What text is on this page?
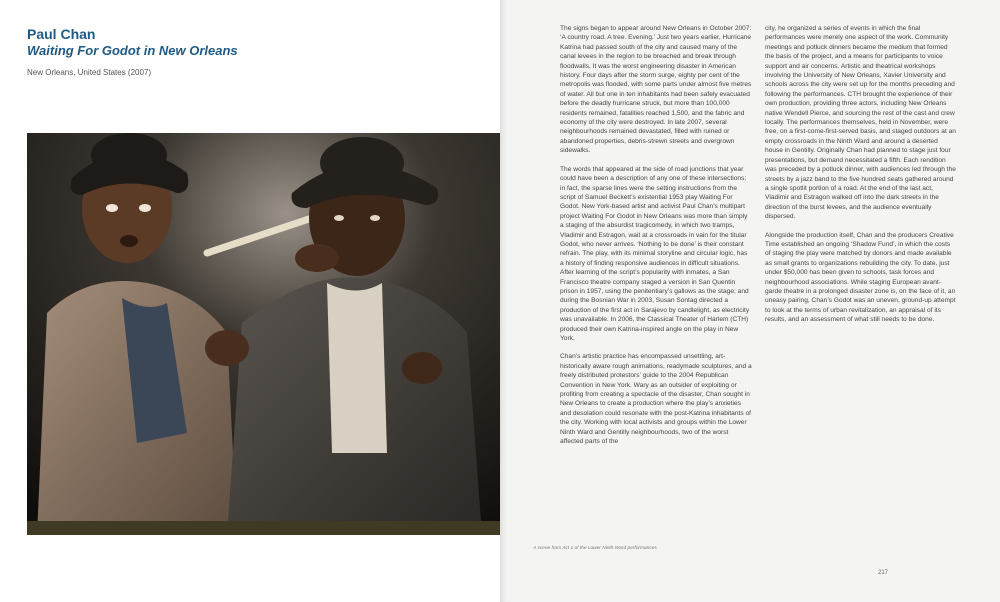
Paul Chan
Waiting For Godot in New Orleans
New Orleans, United States (2007)

The signs began to appear around New Orleans in October 2007: ‘A country road. A tree. Evening.’ Just two years earlier, Hurricane Katrina had passed south of the city and caused many of the canal levees in the region to be breached and break through floodwalls. It was the worst engineering disaster in American history. Four days after the storm surge, eighty per cent of the metropolis was flooded, with some parts under almost five metres of water. All but one in ten inhabitants had been safely evacuated before the deadly hurricane struck, but more than 100,000 residents remained, fatalities reached 1,500, and the fabric and economy of the city were destroyed. In late 2007, several neighbourhoods remained devastated, filled with ruined or abandoned properties, debris-strewn streets and overgrown sidewalks.

The words that appeared at the side of road junctions that year could have been a description of any one of these intersections; in fact, the sparse lines were the setting instructions from the script of Samuel Beckett’s existential 1953 play Waiting For Godot. New York-based artist and activist Paul Chan’s multipart project Waiting For Godot in New Orleans was more than simply a staging of the absurdist tragicomedy, in which two tramps, Vladimir and Estragon, wait at a crossroads in vain for the titular Godot, who never arrives. ‘Nothing to be done’ is their constant refrain. The play, with its minimal storyline and circular logic, has a history of finding responsive audiences in difficult situations. After learning of the script’s popularity with inmates, a San Francisco theatre company staged a version in San Quentin prison in 1957, using the penitentiary’s gallows as the stage; and during the Bosnian War in 2003, Susan Sontag directed a production of the first act in Sarajevo by candlelight, as electricity was unavailable. In 2006, the Classical Theater of Harlem (CTH) produced their own Katrina-inspired angle on the play in New York.

Chan’s artistic practice has encompassed unsettling, art-historically aware rough animations, readymade sculptures, and a freely distributed protestors’ guide to the 2004 Republican Convention in New York. Wary as an outsider of exploiting or profiting from creating a spectacle of the disaster, Chan sought in New Orleans to create a production where the play’s anxieties and desolation could resonate with the post-Katrina inhabitants of the city. Working with local activists and groups within the Lower Ninth Ward and Gentilly neighbourhoods, two of the worst affected parts of the

city, he organized a series of events in which the final performances were merely one aspect of the work. Community meetings and potluck dinners became the medium that formed the basis of the project, and a means for participants to voice support and air concerns. Artistic and theatrical workshops involving the University of New Orleans, Xavier University and schools across the city were set up for the months preceding and following the performances. CTH brought the experience of their own production, providing three actors, including New Orleans native Wendell Pierce, and sourcing the rest of the cast and crew locally. The performances themselves, held in November, were free, on a first-come-first-served basis, and staged outdoors at an empty crossroads in the Ninth Ward and around a deserted house in Gentilly. Originally Chan had planned to stage just four presentations, but demand necessitated a fifth. Each rendition was preceded by a potluck dinner, with audiences led through the streets by a jazz band to the five hundred seats gathered around a single spotlit portion of a road. At the end of the last act, Vladimir and Estragon walked off into the dark streets in the direction of the burst levees, and the audience eventually dispersed.

Alongside the production itself, Chan and the producers Creative Time established an ongoing ‘Shadow Fund’, in which the costs of staging the play were matched by donors and made available as small grants to organizations rebuilding the city. To date, just under $50,000 has been given to schools, task forces and neighbourhood associations. While staging European avant-garde theatre in a prolonged disaster zone is, on the face of it, an uneasy pairing, Chan’s Godot was an uneven, ground-up attempt to look at the terms of urban revitalization, an appraisal of its results, and an assessment of what still needs to be done.

A scene from Act 1 of the Lower Ninth Ward performances
217
